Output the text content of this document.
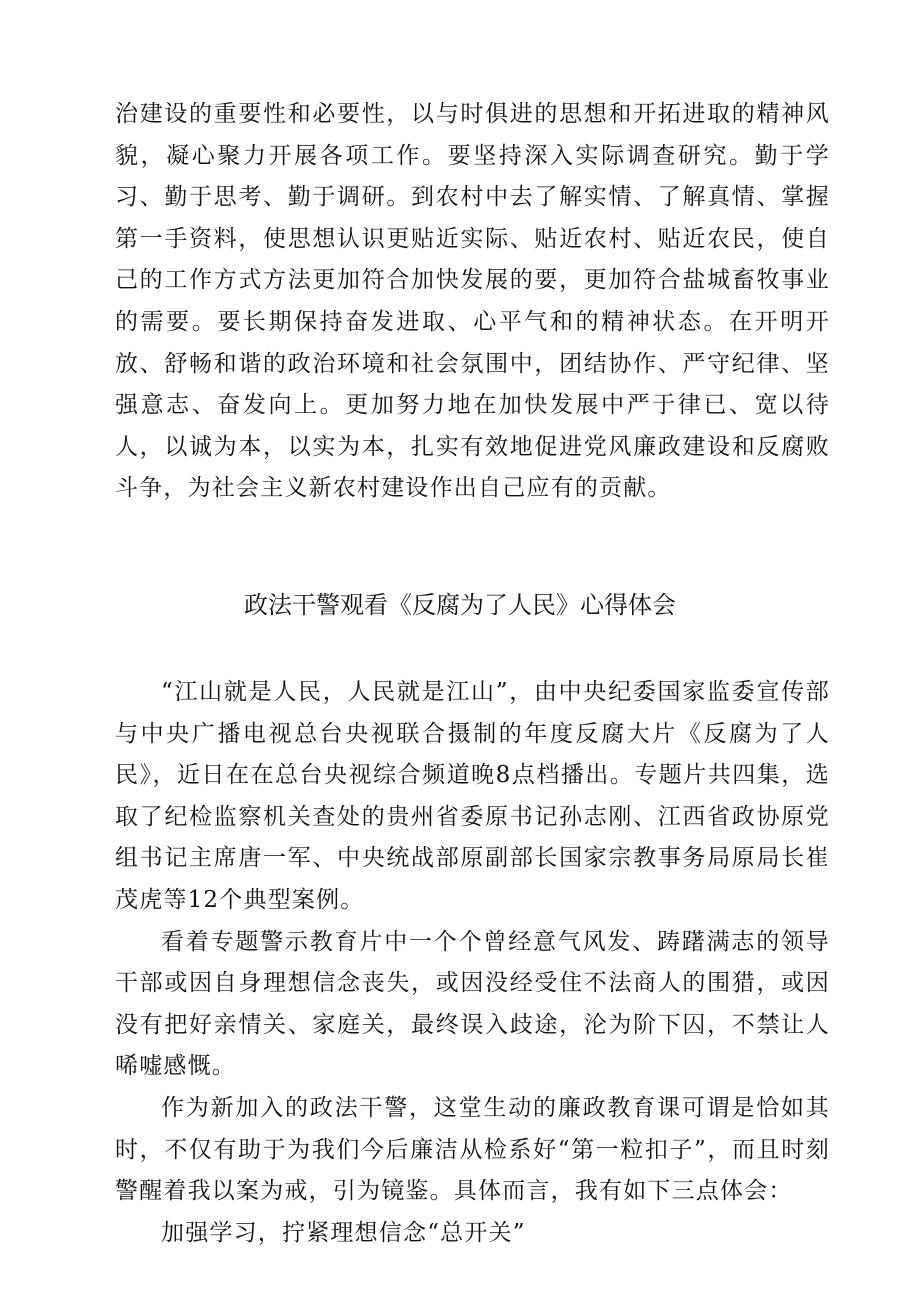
治建设的重要性和必要性，以与时俱进的思想和开拓进取的精神风貌，凝心聚力开展各项工作。要坚持深入实际调查研究。勤于学习、勤于思考、勤于调研。到农村中去了解实情、了解真情、掌握第一手资料，使思想认识更贴近实际、贴近农村、贴近农民，使自己的工作方式方法更加符合加快发展的要，更加符合盐城畜牧事业的需要。要长期保持奋发进取、心平气和的精神状态。在开明开放、舒畅和谐的政治环境和社会氛围中，团结协作、严守纪律、坚强意志、奋发向上。更加努力地在加快发展中严于律已、宽以待人，以诚为本，以实为本，扎实有效地促进党风廉政建设和反腐败斗争，为社会主义新农村建设作出自己应有的贡献。
政法干警观看《反腐为了人民》心得体会

“江山就是人民，人民就是江山”，由中央纪委国家监委宣传部与中央广播电视总台央视联合摄制的年度反腐大片《反腐为了人民》，近日在在总台央视综合频道晚8点档播出。专题片共四集，选取了纪检监察机关查处的贵州省委原书记孙志刚、江西省政协原党组书记主席唐一军、中央统战部原副部长国家宗教事务局原局长崔茂虎等12个典型案例。

看着专题警示教育片中一个个曾经意气风发、踌躇满志的领导干部或因自身理想信念丧失，或因没经受住不法商人的围猎，或因没有把好亲情关、家庭关，最终误入歧途，沦为阶下囚，不禁让人唏嘘感慨。

作为新加入的政法干警，这堂生动的廉政教育课可谓是恰如其时，不仅有助于为我们今后廉洁从检系好“第一粒扣子”，而且时刻警醒着我以案为戒，引为镜鉴。具体而言，我有如下三点体会：

加强学习，拧紧理想信念“总开关”
